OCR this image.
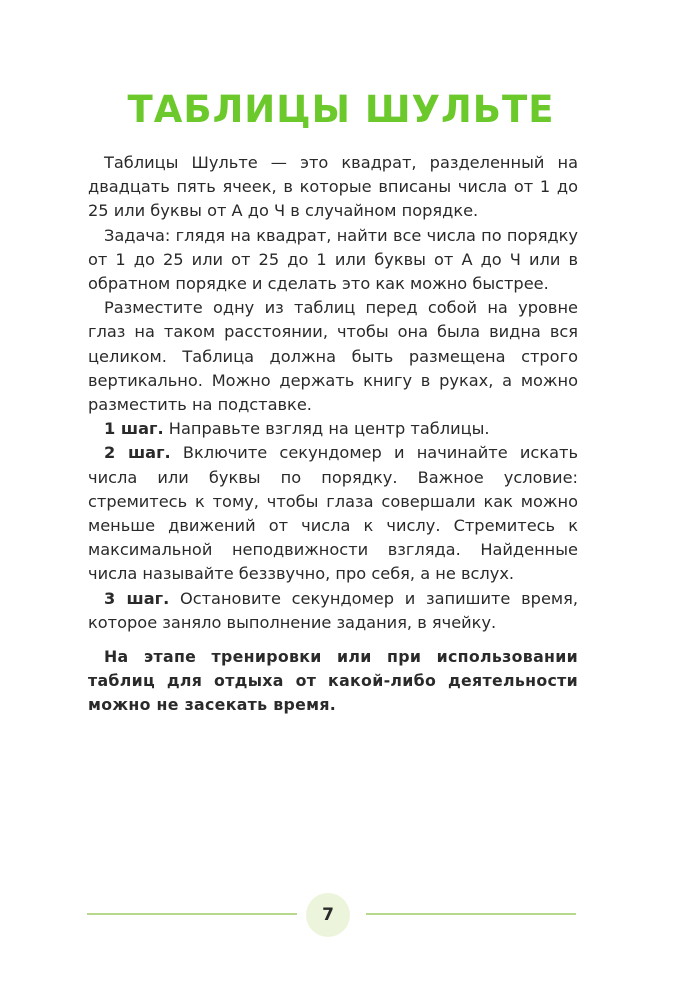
ТАБЛИЦЫ ШУЛЬТЕ

Таблицы Шульте — это квадрат, разделенный на двадцать пять ячеек, в которые вписаны числа от 1 до 25 или буквы от А до Ч в случайном порядке.

Задача: глядя на квадрат, найти все числа по порядку от 1 до 25 или от 25 до 1 или буквы от А до Ч или в обратном порядке и сделать это как можно быстрее.

Разместите одну из таблиц перед собой на уровне глаз на таком расстоянии, чтобы она была видна вся целиком. Таблица должна быть размещена строго вертикально. Можно держать книгу в руках, а можно разместить на подставке.

1 шаг. Направьте взгляд на центр таблицы.

2 шаг. Включите секундомер и начинайте искать числа или буквы по порядку. Важное условие: стремитесь к тому, чтобы глаза совершали как можно меньше движений от числа к числу. Стремитесь к максимальной неподвижности взгляда. Найденные числа называйте беззвучно, про себя, а не вслух.

3 шаг. Остановите секундомер и запишите время, которое заняло выполнение задания, в ячейку.

На этапе тренировки или при использовании таблиц для отдыха от какой-либо деятельности можно не засекать время.

7
